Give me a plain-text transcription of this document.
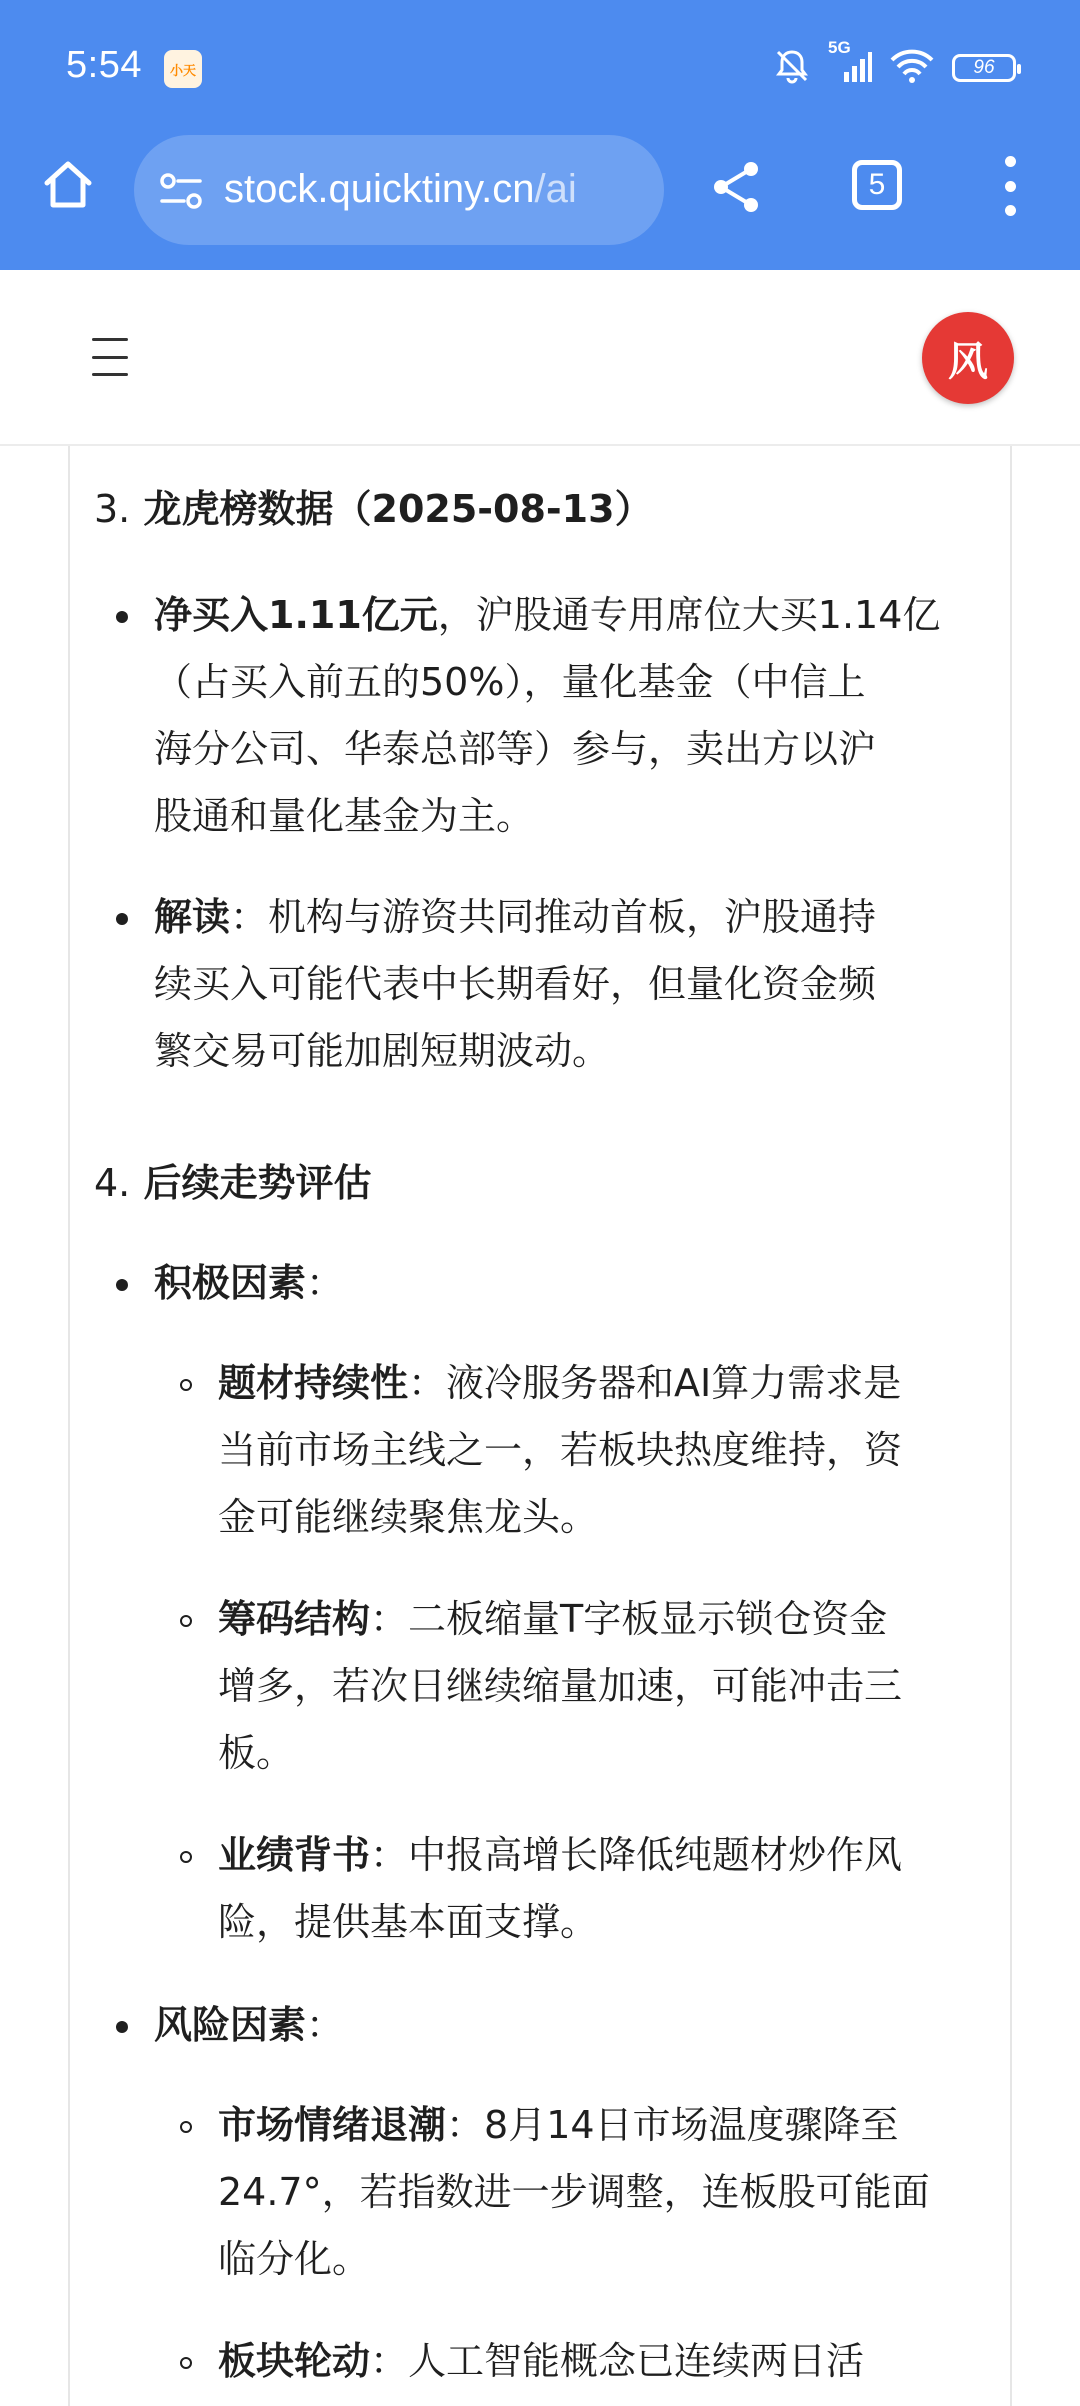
5:54 小天
5G
96
stock.quicktiny.cn/ai	5
风
3. 龙虎榜数据（2025-08-13）
净买入1.11亿元，沪股通专用席位大买1.14亿
（占买入前五的50%），量化基金（中信上
海分公司、华泰总部等）参与，卖出方以沪
股通和量化基金为主。
解读：机构与游资共同推动首板，沪股通持
续买入可能代表中长期看好，但量化资金频
繁交易可能加剧短期波动。
4. 后续走势评估
积极因素：
题材持续性：液冷服务器和AI算力需求是
当前市场主线之一，若板块热度维持，资
金可能继续聚焦龙头。
筹码结构：二板缩量T字板显示锁仓资金
增多，若次日继续缩量加速，可能冲击三
板。
业绩背书：中报高增长降低纯题材炒作风
险，提供基本面支撑。
风险因素：
市场情绪退潮：8月14日市场温度骤降至
24.7°，若指数进一步调整，连板股可能面
临分化。
板块轮动：人工智能概念已连续两日活
